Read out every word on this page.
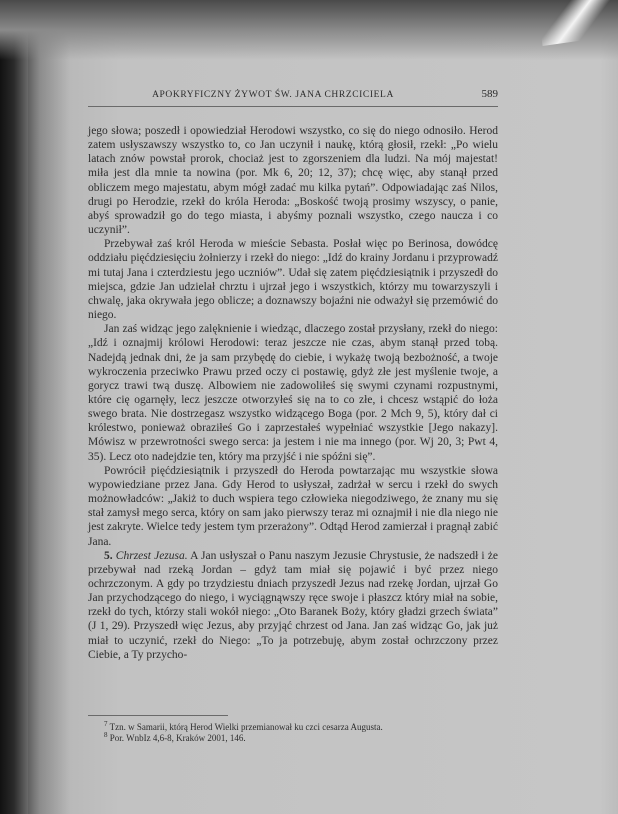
APOKRYFICZNY ŻYWOT ŚW. JANA CHRZCICIELA	589

jego słowa; poszedł i opowiedział Herodowi wszystko, co się do niego odnosiło. Herod zatem usłyszawszy wszystko to, co Jan uczynił i naukę, którą głosił, rzekł: „Po wielu latach znów powstał prorok, chociaż jest to zgorszeniem dla ludzi. Na mój majestat! miła jest dla mnie ta nowina (por. Mk 6, 20; 12, 37); chcę więc, aby stanął przed obliczem mego majestatu, abym mógł zadać mu kilka pytań”. Odpowiadając zaś Nilos, drugi po Herodzie, rzekł do króla Heroda: „Boskość twoją prosimy wszyscy, o panie, abyś sprowadził go do tego miasta, i abyśmy poznali wszystko, czego naucza i co uczynił”.

Przebywał zaś król Heroda w mieście Sebasta. Posłał więc po Berinosa, dowódcę oddziału pięćdziesięciu żołnierzy i rzekł do niego: „Idź do krainy Jordanu i przyprowadź mi tutaj Jana i czterdziestu jego uczniów”. Udał się zatem pięćdziesiątnik i przyszedł do miejsca, gdzie Jan udzielał chrztu i ujrzał jego i wszystkich, którzy mu towarzyszyli i chwalę, jaka okrywała jego oblicze; a doznawszy bojaźni nie odważył się przemówić do niego.

Jan zaś widząc jego zalęknienie i wiedząc, dlaczego został przysłany, rzekł do niego: „Idź i oznajmij królowi Herodowi: teraz jeszcze nie czas, abym stanął przed tobą. Nadejdą jednak dni, że ja sam przybędę do ciebie, i wykażę twoją bezbożność, a twoje wykroczenia przeciwko Prawu przed oczy ci postawię, gdyż złe jest myślenie twoje, a gorycz trawi twą duszę. Albowiem nie zadowoliłeś się swymi czynami rozpustnymi, które cię ogarnęły, lecz jeszcze otworzyłeś się na to co złe, i chcesz wstąpić do łoża swego brata. Nie dostrzegasz wszystko widzącego Boga (por. 2 Mch 9, 5), który dał ci królestwo, ponieważ obraziłeś Go i zaprzestałeś wypełniać wszystkie [Jego nakazy]. Mówisz w przewrotności swego serca: ja jestem i nie ma innego (por. Wj 20, 3; Pwt 4, 35). Lecz oto nadejdzie ten, który ma przyjść i nie spóźni się”.

Powrócił pięćdziesiątnik i przyszedł do Heroda powtarzając mu wszystkie słowa wypowiedziane przez Jana. Gdy Herod to usłyszał, zadrżał w sercu i rzekł do swych możnowładców: „Jakiż to duch wspiera tego człowieka niegodziwego, że znany mu się stał zamysł mego serca, który on sam jako pierwszy teraz mi oznajmił i nie dla niego nie jest zakryte. Wielce tedy jestem tym przerażony”. Odtąd Herod zamierzał i pragnął zabić Jana.

5. Chrzest Jezusa. A Jan usłyszał o Panu naszym Jezusie Chrystusie, że nadszedł i że przebywał nad rzeką Jordan – gdyż tam miał się pojawić i być przez niego ochrzczonym. A gdy po trzydziestu dniach przyszedł Jezus nad rzekę Jordan, ujrzał Go Jan przychodzącego do niego, i wyciągnąwszy ręce swoje i płaszcz który miał na sobie, rzekł do tych, którzy stali wokół niego: „Oto Baranek Boży, który gładzi grzech świata” (J 1, 29). Przyszedł więc Jezus, aby przyjąć chrzest od Jana. Jan zaś widząc Go, jak już miał to uczynić, rzekł do Niego: „To ja potrzebuję, abym został ochrzczony przez Ciebie, a Ty przycho-

$^7$ Tzn. w Samarii, którą Herod Wielki przemianował ku czci cesarza Augusta.

$^8$ Por. WnbIz 4,6-8, Kraków 2001, 146.
